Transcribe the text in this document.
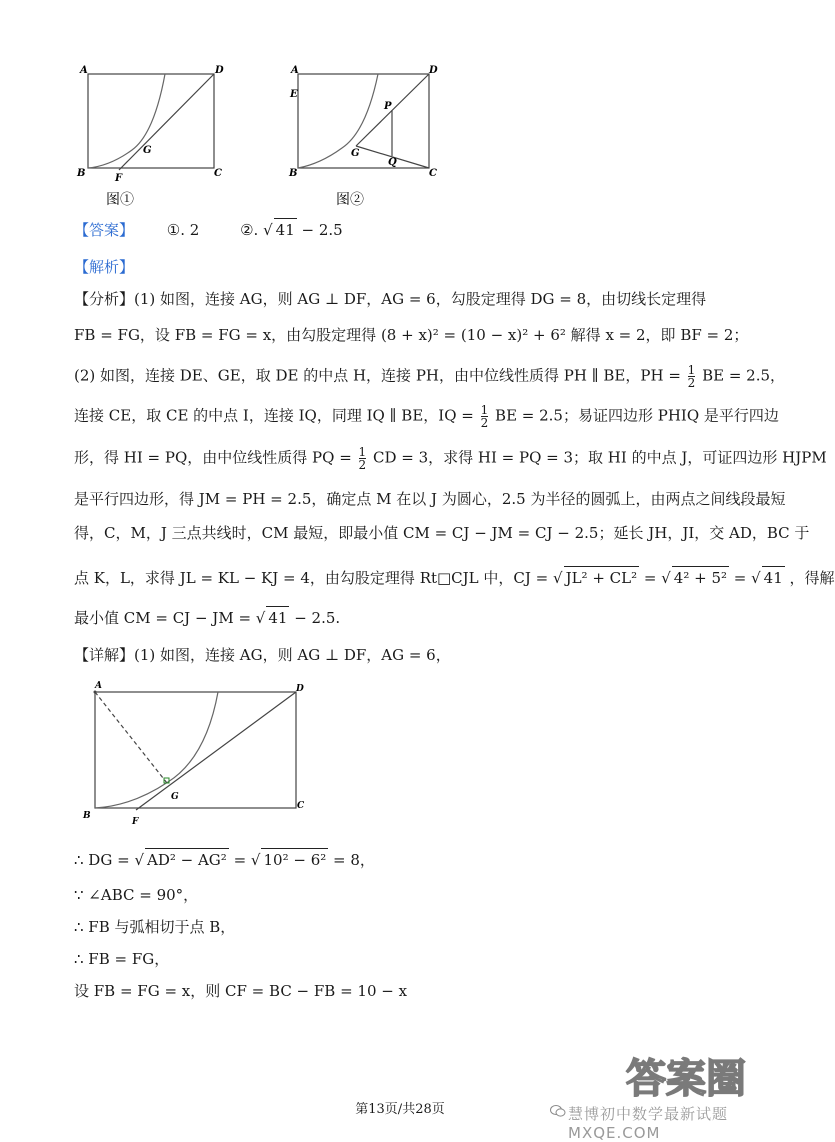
A	D
B	C
G
F
图①
A	D
E
B	C
G
P
Q
图②
【答案】 ①. 2	②. √ 41 − 2.5
【解析】
【分析】(1) 如图，连接 AG，则 AG ⊥ DF，AG = 6，勾股定理得 DG = 8，由切线长定理得
FB = FG，设 FB = FG = x，由勾股定理得 (8 + x)² = (10 − x)² + 6² 解得 x = 2，即 BF = 2；
(2) 如图，连接 DE、GE，取 DE 的中点 H，连接 PH，由中位线性质得 PH ∥ BE，PH = $\frac{1}{2}$ BE = 2.5，
连接 CE，取 CE 的中点 I，连接 IQ，同理 IQ ∥ BE，IQ = $\frac{1}{2}$ BE = 2.5；易证四边形 PHIQ 是平行四边
形，得 HI = PQ，由中位线性质得 PQ = $\frac{1}{2}$ CD = 3，求得 HI = PQ = 3；取 HI 的中点 J，可证四边形 HJPM
是平行四边形，得 JM = PH = 2.5，确定点 M 在以 J 为圆心，2.5 为半径的圆弧上，由两点之间线段最短
得，C，M，J 三点共线时，CM 最短，即最小值 CM = CJ − JM = CJ − 2.5；延长 JH，JI，交 AD，BC 于
点 K，L，求得 JL = KL − KJ = 4，由勾股定理得 Rt□CJL 中，CJ = √ JL² + CL² = √ 4² + 5² = √ 41 ，得解
最小值 CM = CJ − JM = √ 41 − 2.5.
【详解】(1) 如图，连接 AG，则 AG ⊥ DF，AG = 6，
A	D
B
C
G
F
∴ DG = √ AD² − AG² = √ 10² − 6² = 8，
∵ ∠ABC = 90°，
∴ FB 与弧相切于点 B，
∴ FB = FG，
设 FB = FG = x，则 CF = BC − FB = 10 − x
答案圈
慧博初中数学最新试题 MXQE.COM
第13页/共28页
